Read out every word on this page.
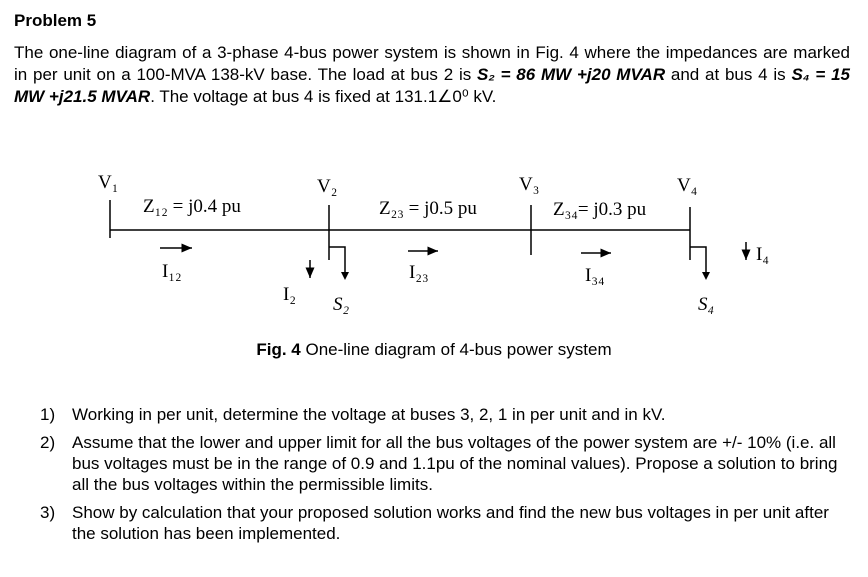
Problem 5
The one-line diagram of a 3-phase 4-bus power system is shown in Fig. 4 where the impedances are marked in per unit on a 100-MVA 138-kV base. The load at bus 2 is S₂ = 86 MW +j20 MVAR and at bus 4 is S₄ = 15 MW +j21.5 MVAR. The voltage at bus 4 is fixed at 131.1∠0⁰ kV.
V₁	V₂	V₃	V₄
Z₁₂ = j0.4 pu	Z₂₃ = j0.5 pu	Z₃₄= j0.3 pu
I₁₂	I₂₃	I₃₄
I₂
I₄
S₂	S₄
Fig. 4 One-line diagram of 4-bus power system
1) Working in per unit, determine the voltage at buses 3, 2, 1 in per unit and in kV.
2) Assume that the lower and upper limit for all the bus voltages of the power system are +/- 10% (i.e. all bus voltages must be in the range of 0.9 and 1.1pu of the nominal values). Propose a solution to bring all the bus voltages within the permissible limits.
3) Show by calculation that your proposed solution works and find the new bus voltages in per unit after the solution has been implemented.
